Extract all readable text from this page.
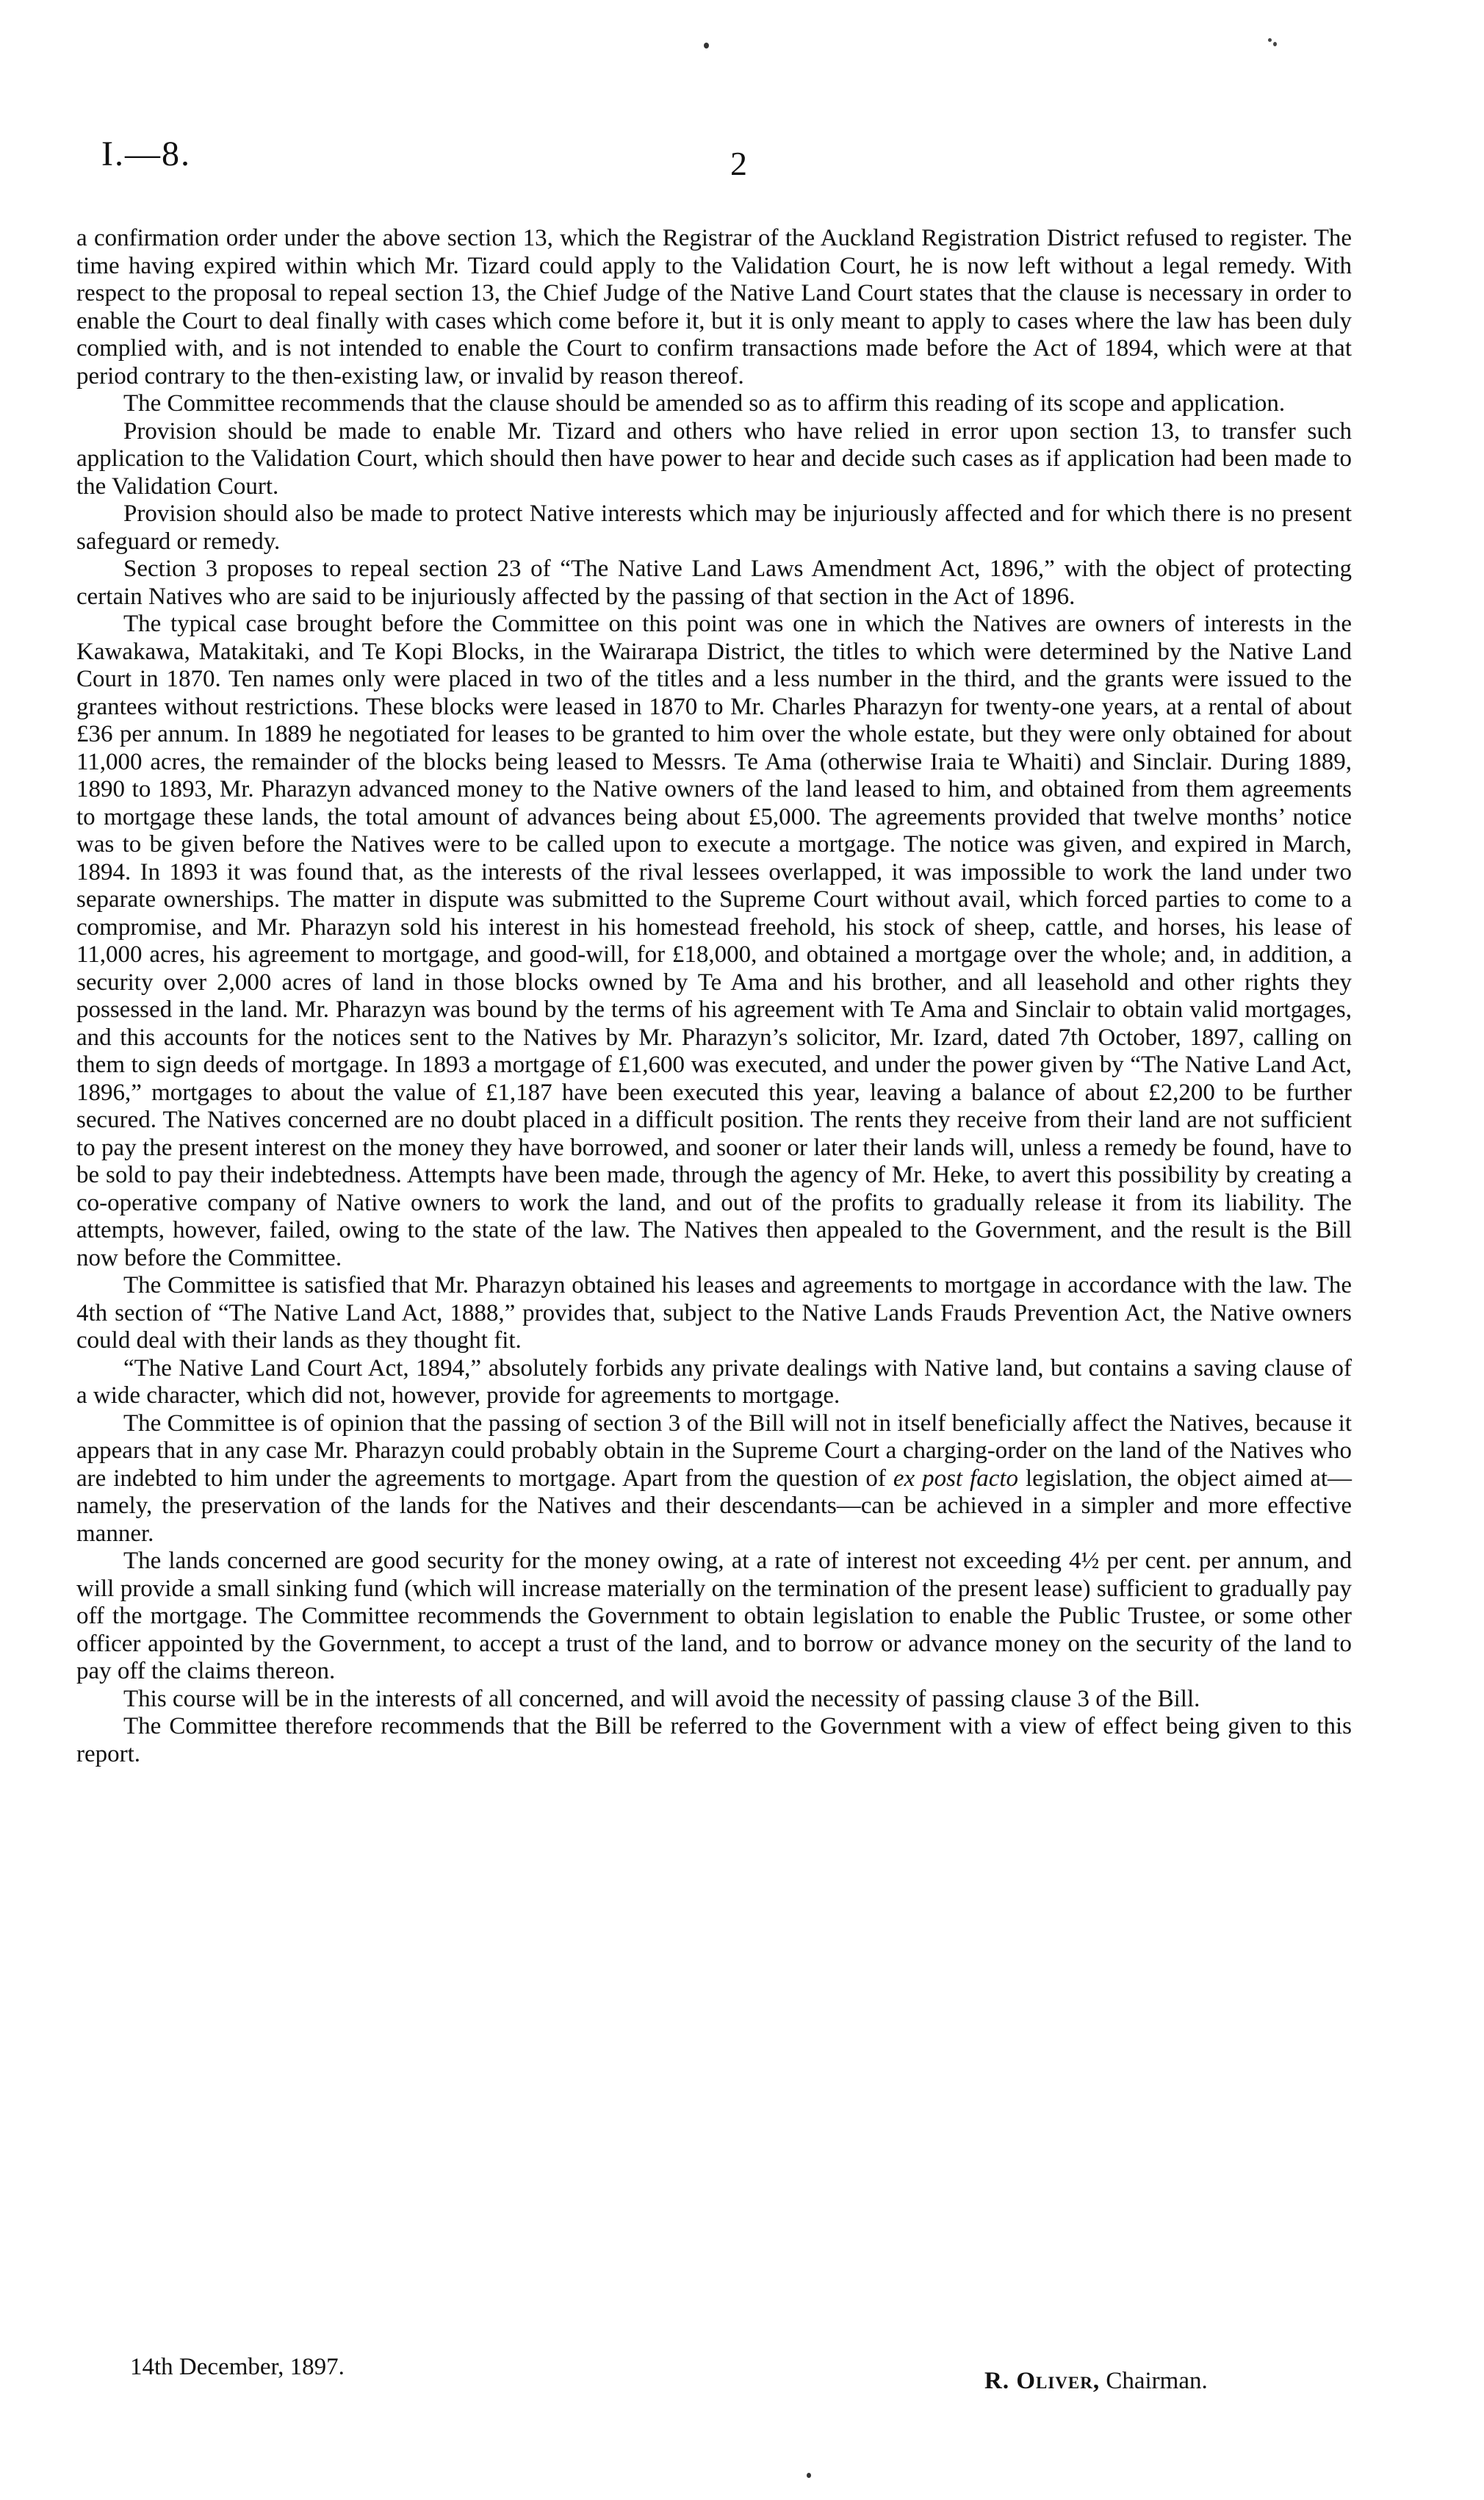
I.—8.	2

a confirmation order under the above section 13, which the Registrar of the Auckland Registration District refused to register. The time having expired within which Mr. Tizard could apply to the Validation Court, he is now left without a legal remedy. With respect to the proposal to repeal section 13, the Chief Judge of the Native Land Court states that the clause is necessary in order to enable the Court to deal finally with cases which come before it, but it is only meant to apply to cases where the law has been duly complied with, and is not intended to enable the Court to confirm transactions made before the Act of 1894, which were at that period contrary to the then-existing law, or invalid by reason thereof.

The Committee recommends that the clause should be amended so as to affirm this reading of its scope and application.

Provision should be made to enable Mr. Tizard and others who have relied in error upon section 13, to transfer such application to the Validation Court, which should then have power to hear and decide such cases as if application had been made to the Validation Court.

Provision should also be made to protect Native interests which may be injuriously affected and for which there is no present safeguard or remedy.

Section 3 proposes to repeal section 23 of “The Native Land Laws Amendment Act, 1896,” with the object of protecting certain Natives who are said to be injuriously affected by the passing of that section in the Act of 1896.

The typical case brought before the Committee on this point was one in which the Natives are owners of interests in the Kawakawa, Matakitaki, and Te Kopi Blocks, in the Wairarapa District, the titles to which were determined by the Native Land Court in 1870. Ten names only were placed in two of the titles and a less number in the third, and the grants were issued to the grantees without restrictions. These blocks were leased in 1870 to Mr. Charles Pharazyn for twenty-one years, at a rental of about £36 per annum. In 1889 he negotiated for leases to be granted to him over the whole estate, but they were only obtained for about 11,000 acres, the remainder of the blocks being leased to Messrs. Te Ama (otherwise Iraia te Whaiti) and Sinclair. During 1889, 1890 to 1893, Mr. Pharazyn advanced money to the Native owners of the land leased to him, and obtained from them agreements to mortgage these lands, the total amount of advances being about £5,000. The agreements provided that twelve months’ notice was to be given before the Natives were to be called upon to execute a mortgage. The notice was given, and expired in March, 1894. In 1893 it was found that, as the interests of the rival lessees overlapped, it was impossible to work the land under two separate ownerships. The matter in dispute was submitted to the Supreme Court without avail, which forced parties to come to a compromise, and Mr. Pharazyn sold his interest in his homestead freehold, his stock of sheep, cattle, and horses, his lease of 11,000 acres, his agreement to mortgage, and good-will, for £18,000, and obtained a mortgage over the whole; and, in addition, a security over 2,000 acres of land in those blocks owned by Te Ama and his brother, and all leasehold and other rights they possessed in the land. Mr. Pharazyn was bound by the terms of his agreement with Te Ama and Sinclair to obtain valid mortgages, and this accounts for the notices sent to the Natives by Mr. Pharazyn’s solicitor, Mr. Izard, dated 7th October, 1897, calling on them to sign deeds of mortgage. In 1893 a mortgage of £1,600 was executed, and under the power given by “The Native Land Act, 1896,” mortgages to about the value of £1,187 have been executed this year, leaving a balance of about £2,200 to be further secured. The Natives concerned are no doubt placed in a difficult position. The rents they receive from their land are not sufficient to pay the present interest on the money they have borrowed, and sooner or later their lands will, unless a remedy be found, have to be sold to pay their indebtedness. Attempts have been made, through the agency of Mr. Heke, to avert this possibility by creating a co-operative company of Native owners to work the land, and out of the profits to gradually release it from its liability. The attempts, however, failed, owing to the state of the law. The Natives then appealed to the Government, and the result is the Bill now before the Committee.

The Committee is satisfied that Mr. Pharazyn obtained his leases and agreements to mortgage in accordance with the law. The 4th section of “The Native Land Act, 1888,” provides that, subject to the Native Lands Frauds Prevention Act, the Native owners could deal with their lands as they thought fit.

“The Native Land Court Act, 1894,” absolutely forbids any private dealings with Native land, but contains a saving clause of a wide character, which did not, however, provide for agreements to mortgage.

The Committee is of opinion that the passing of section 3 of the Bill will not in itself beneficially affect the Natives, because it appears that in any case Mr. Pharazyn could probably obtain in the Supreme Court a charging-order on the land of the Natives who are indebted to him under the agreements to mortgage. Apart from the question of ex post facto legislation, the object aimed at—namely, the preservation of the lands for the Natives and their descendants—can be achieved in a simpler and more effective manner.

The lands concerned are good security for the money owing, at a rate of interest not exceeding 4½ per cent. per annum, and will provide a small sinking fund (which will increase materially on the termination of the present lease) sufficient to gradually pay off the mortgage. The Committee recommends the Government to obtain legislation to enable the Public Trustee, or some other officer appointed by the Government, to accept a trust of the land, and to borrow or advance money on the security of the land to pay off the claims thereon.

This course will be in the interests of all concerned, and will avoid the necessity of passing clause 3 of the Bill.

The Committee therefore recommends that the Bill be referred to the Government with a view of effect being given to this report.

14th December, 1897.
R. Oliver, Chairman.
